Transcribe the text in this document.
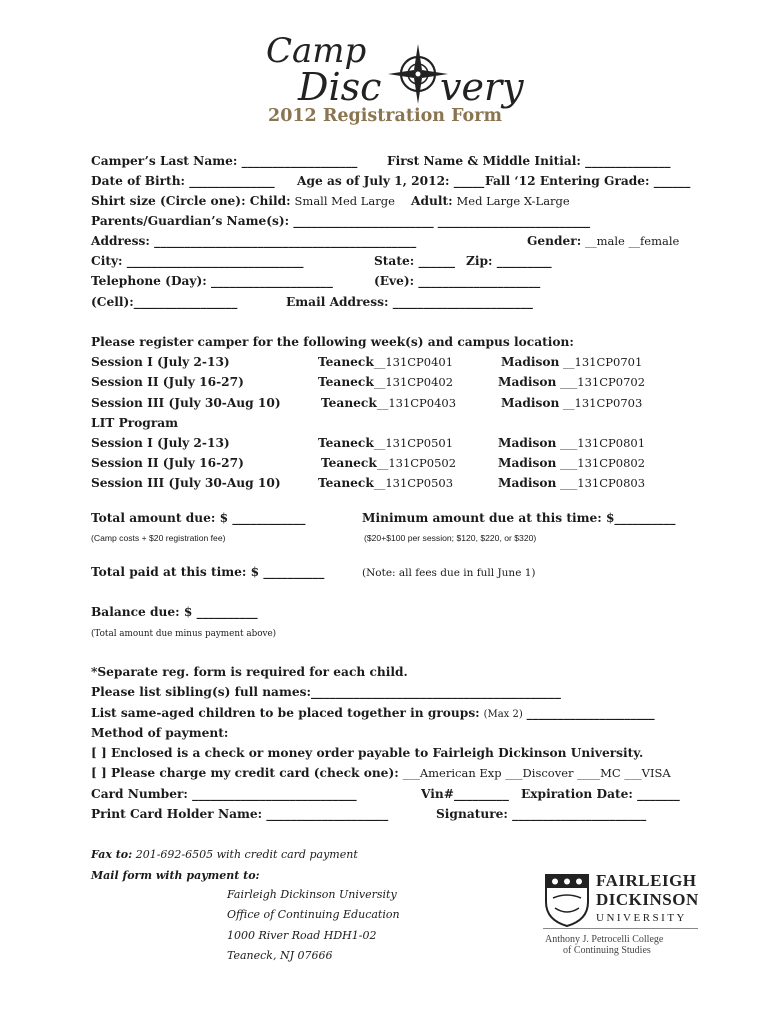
Camp
Disc very
2012 Registration Form
Camper’s Last Name: ___________________ First Name & Middle Initial: ______________
Date of Birth: ______________ Age as of July 1, 2012: _____ Fall ‘12 Entering Grade: ______
Shirt size (Circle one): Child: Small Med Large Adult: Med Large X-Large
Parents/Guardian’s Name(s): _______________________ _________________________
Address: ___________________________________________	Gender: __male __female
City: _____________________________	State: ______ Zip: _________
Telephone (Day): ____________________	(Eve): ____________________
(Cell):_________________	Email Address: _______________________
Please register camper for the following week(s) and campus location:
Session I (July 2-13)	Teaneck__131CP0401	Madison __131CP0701
Session II (July 16-27)	Teaneck__131CP0402	Madison ___131CP0702
Session III (July 30-Aug 10)	Teaneck__131CP0403	Madison __131CP0703
LIT Program
Session I (July 2-13)	Teaneck__131CP0501	Madison ___131CP0801
Session II (July 16-27)	Teaneck__131CP0502	Madison ___131CP0802
Session III (July 30-Aug 10)	Teaneck__131CP0503	Madison ___131CP0803
Total amount due: $ ____________	Minimum amount due at this time: $__________
(Camp costs + $20 registration fee)	($20+$100 per session; $120, $220, or $320)
Total paid at this time: $ __________	(Note: all fees due in full June 1)
Balance due: $ __________
(Total amount due minus payment above)
*Separate reg. form is required for each child.
Please list sibling(s) full names:_________________________________________
List same-aged children to be placed together in groups: (Max 2) _____________________
Method of payment:
[ ] Enclosed is a check or money order payable to Fairleigh Dickinson University.
[ ] Please charge my credit card (check one): ___American Exp ___Discover ____MC ___VISA
Card Number: ___________________________	Vin#_________ Expiration Date: _______
Print Card Holder Name: ____________________	Signature: ______________________
Fax to: 201-692-6505 with credit card payment
Mail form with payment to:
Fairleigh Dickinson University
Office of Continuing Education
1000 River Road HDH1-02
Teaneck, NJ 07666
FAIRLEIGH
DICKINSON
UNIVERSITY
Anthony J. Petrocelli College
of Continuing Studies
